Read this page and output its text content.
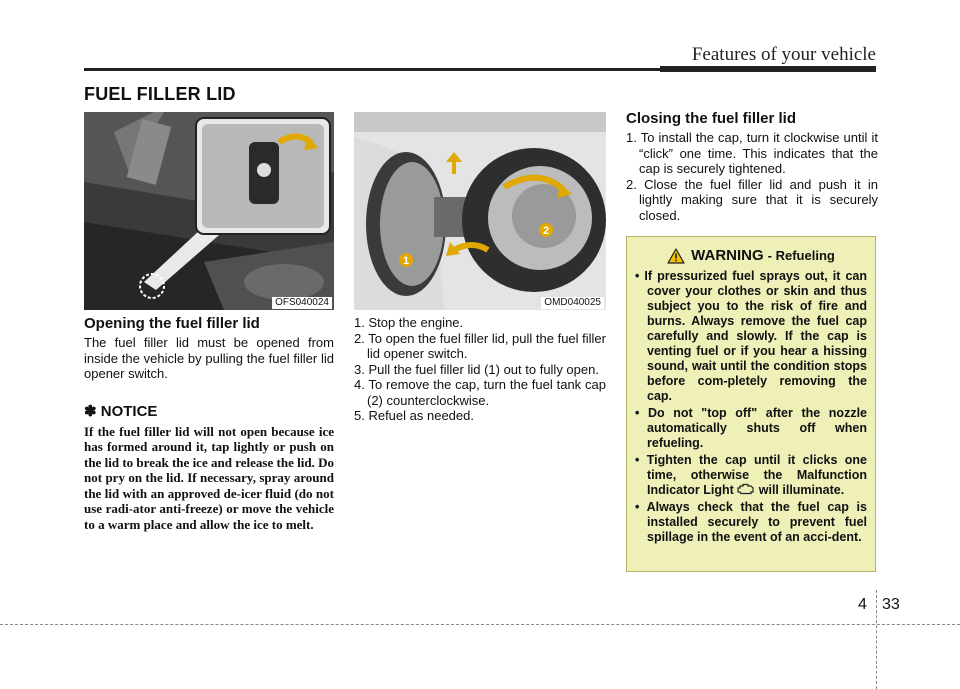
Features of your vehicle
FUEL FILLER LID
OFS040024
1
2
OMD040025
Opening the fuel filler lid

The fuel filler lid must be opened from inside the vehicle by pulling the fuel filler lid opener switch.

✽ NOTICE

If the fuel filler lid will not open because ice has formed around it, tap lightly or push on the lid to break the ice and release the lid. Do not pry on the lid. If necessary, spray around the lid with an approved de-icer fluid (do not use radi-ator anti-freeze) or move the vehicle to a warm place and allow the ice to melt.

1. Stop the engine.
2. To open the fuel filler lid, pull the fuel filler lid opener switch.
3. Pull the fuel filler lid (1) out to fully open.
4. To remove the cap, turn the fuel tank cap (2) counterclockwise.
5. Refuel as needed.
Closing the fuel filler lid
1. To install the cap, turn it clockwise until it “click” one time. This indicates that the cap is securely tightened.
2. Close the fuel filler lid and push it in lightly making sure that it is securely closed.
WARNING - Refueling
• If pressurized fuel sprays out, it can cover your clothes or skin and thus subject you to the risk of fire and burns. Always remove the fuel cap carefully and slowly. If the cap is venting fuel or if you hear a hissing sound, wait until the condition stops before com-pletely removing the cap.
• Do not "top off" after the nozzle automatically shuts off when refueling.
• Tighten the cap until it clicks one time, otherwise the Malfunction Indicator Light  will illuminate.
• Always check that the fuel cap is installed securely to prevent fuel spillage in the event of an acci-dent.
4 33
